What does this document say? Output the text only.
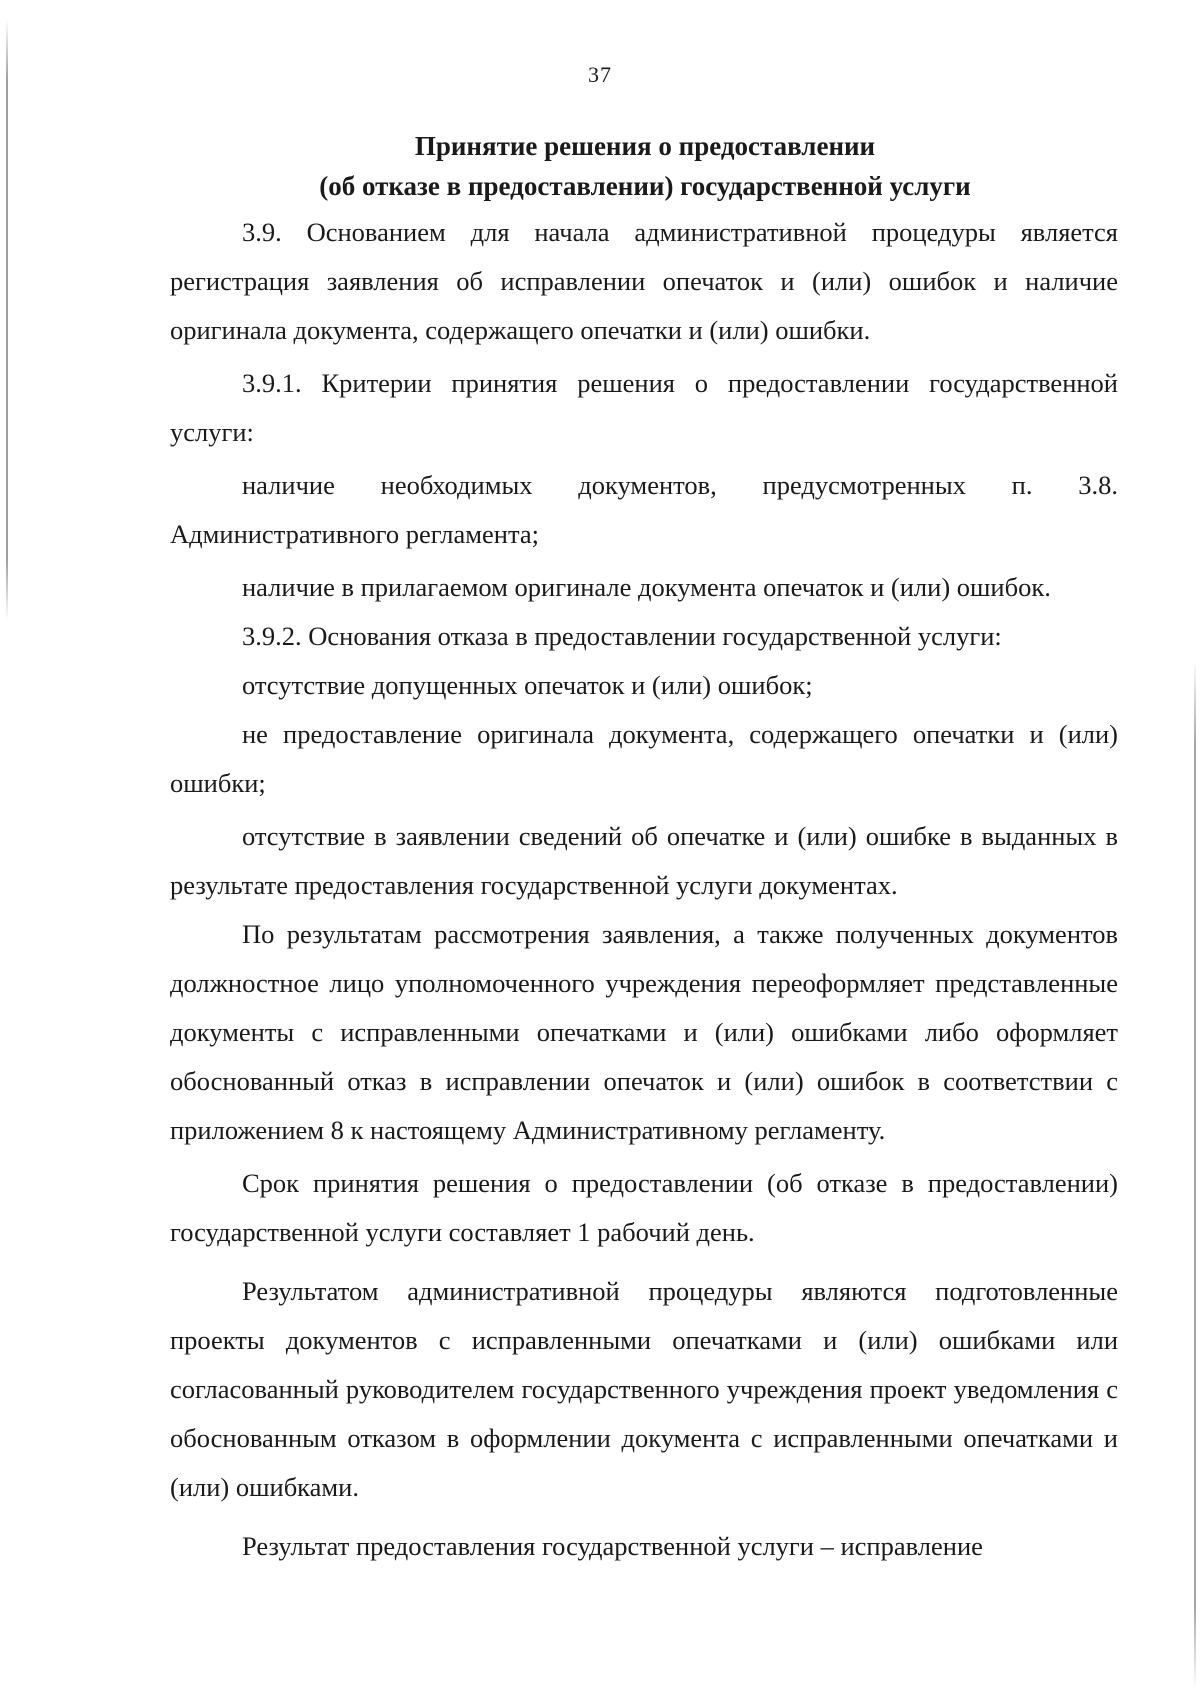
37
Принятие решения о предоставлении
(об отказе в предоставлении) государственной услуги

3.9. Основанием для начала административной процедуры является регистрация заявления об исправлении опечаток и (или) ошибок и наличие оригинала документа, содержащего опечатки и (или) ошибки.

3.9.1. Критерии принятия решения о предоставлении государственной услуги:

наличие необходимых документов, предусмотренных п. 3.8. Административного регламента;

наличие в прилагаемом оригинале документа опечаток и (или) ошибок.

3.9.2. Основания отказа в предоставлении государственной услуги:

отсутствие допущенных опечаток и (или) ошибок;

не предоставление оригинала документа, содержащего опечатки и (или) ошибки;

отсутствие в заявлении сведений об опечатке и (или) ошибке в выданных в результате предоставления государственной услуги документах.

По результатам рассмотрения заявления, а также полученных документов должностное лицо уполномоченного учреждения переоформляет представленные документы с исправленными опечатками и (или) ошибками либо оформляет обоснованный отказ в исправлении опечаток и (или) ошибок в соответствии с приложением 8 к настоящему Административному регламенту.

Срок принятия решения о предоставлении (об отказе в предоставлении) государственной услуги составляет 1 рабочий день.

Результатом административной процедуры являются подготовленные проекты документов с исправленными опечатками и (или) ошибками или согласованный руководителем государственного учреждения проект уведомления с обоснованным отказом в оформлении документа с исправленными опечатками и (или) ошибками.

Результат предоставления государственной услуги – исправление
